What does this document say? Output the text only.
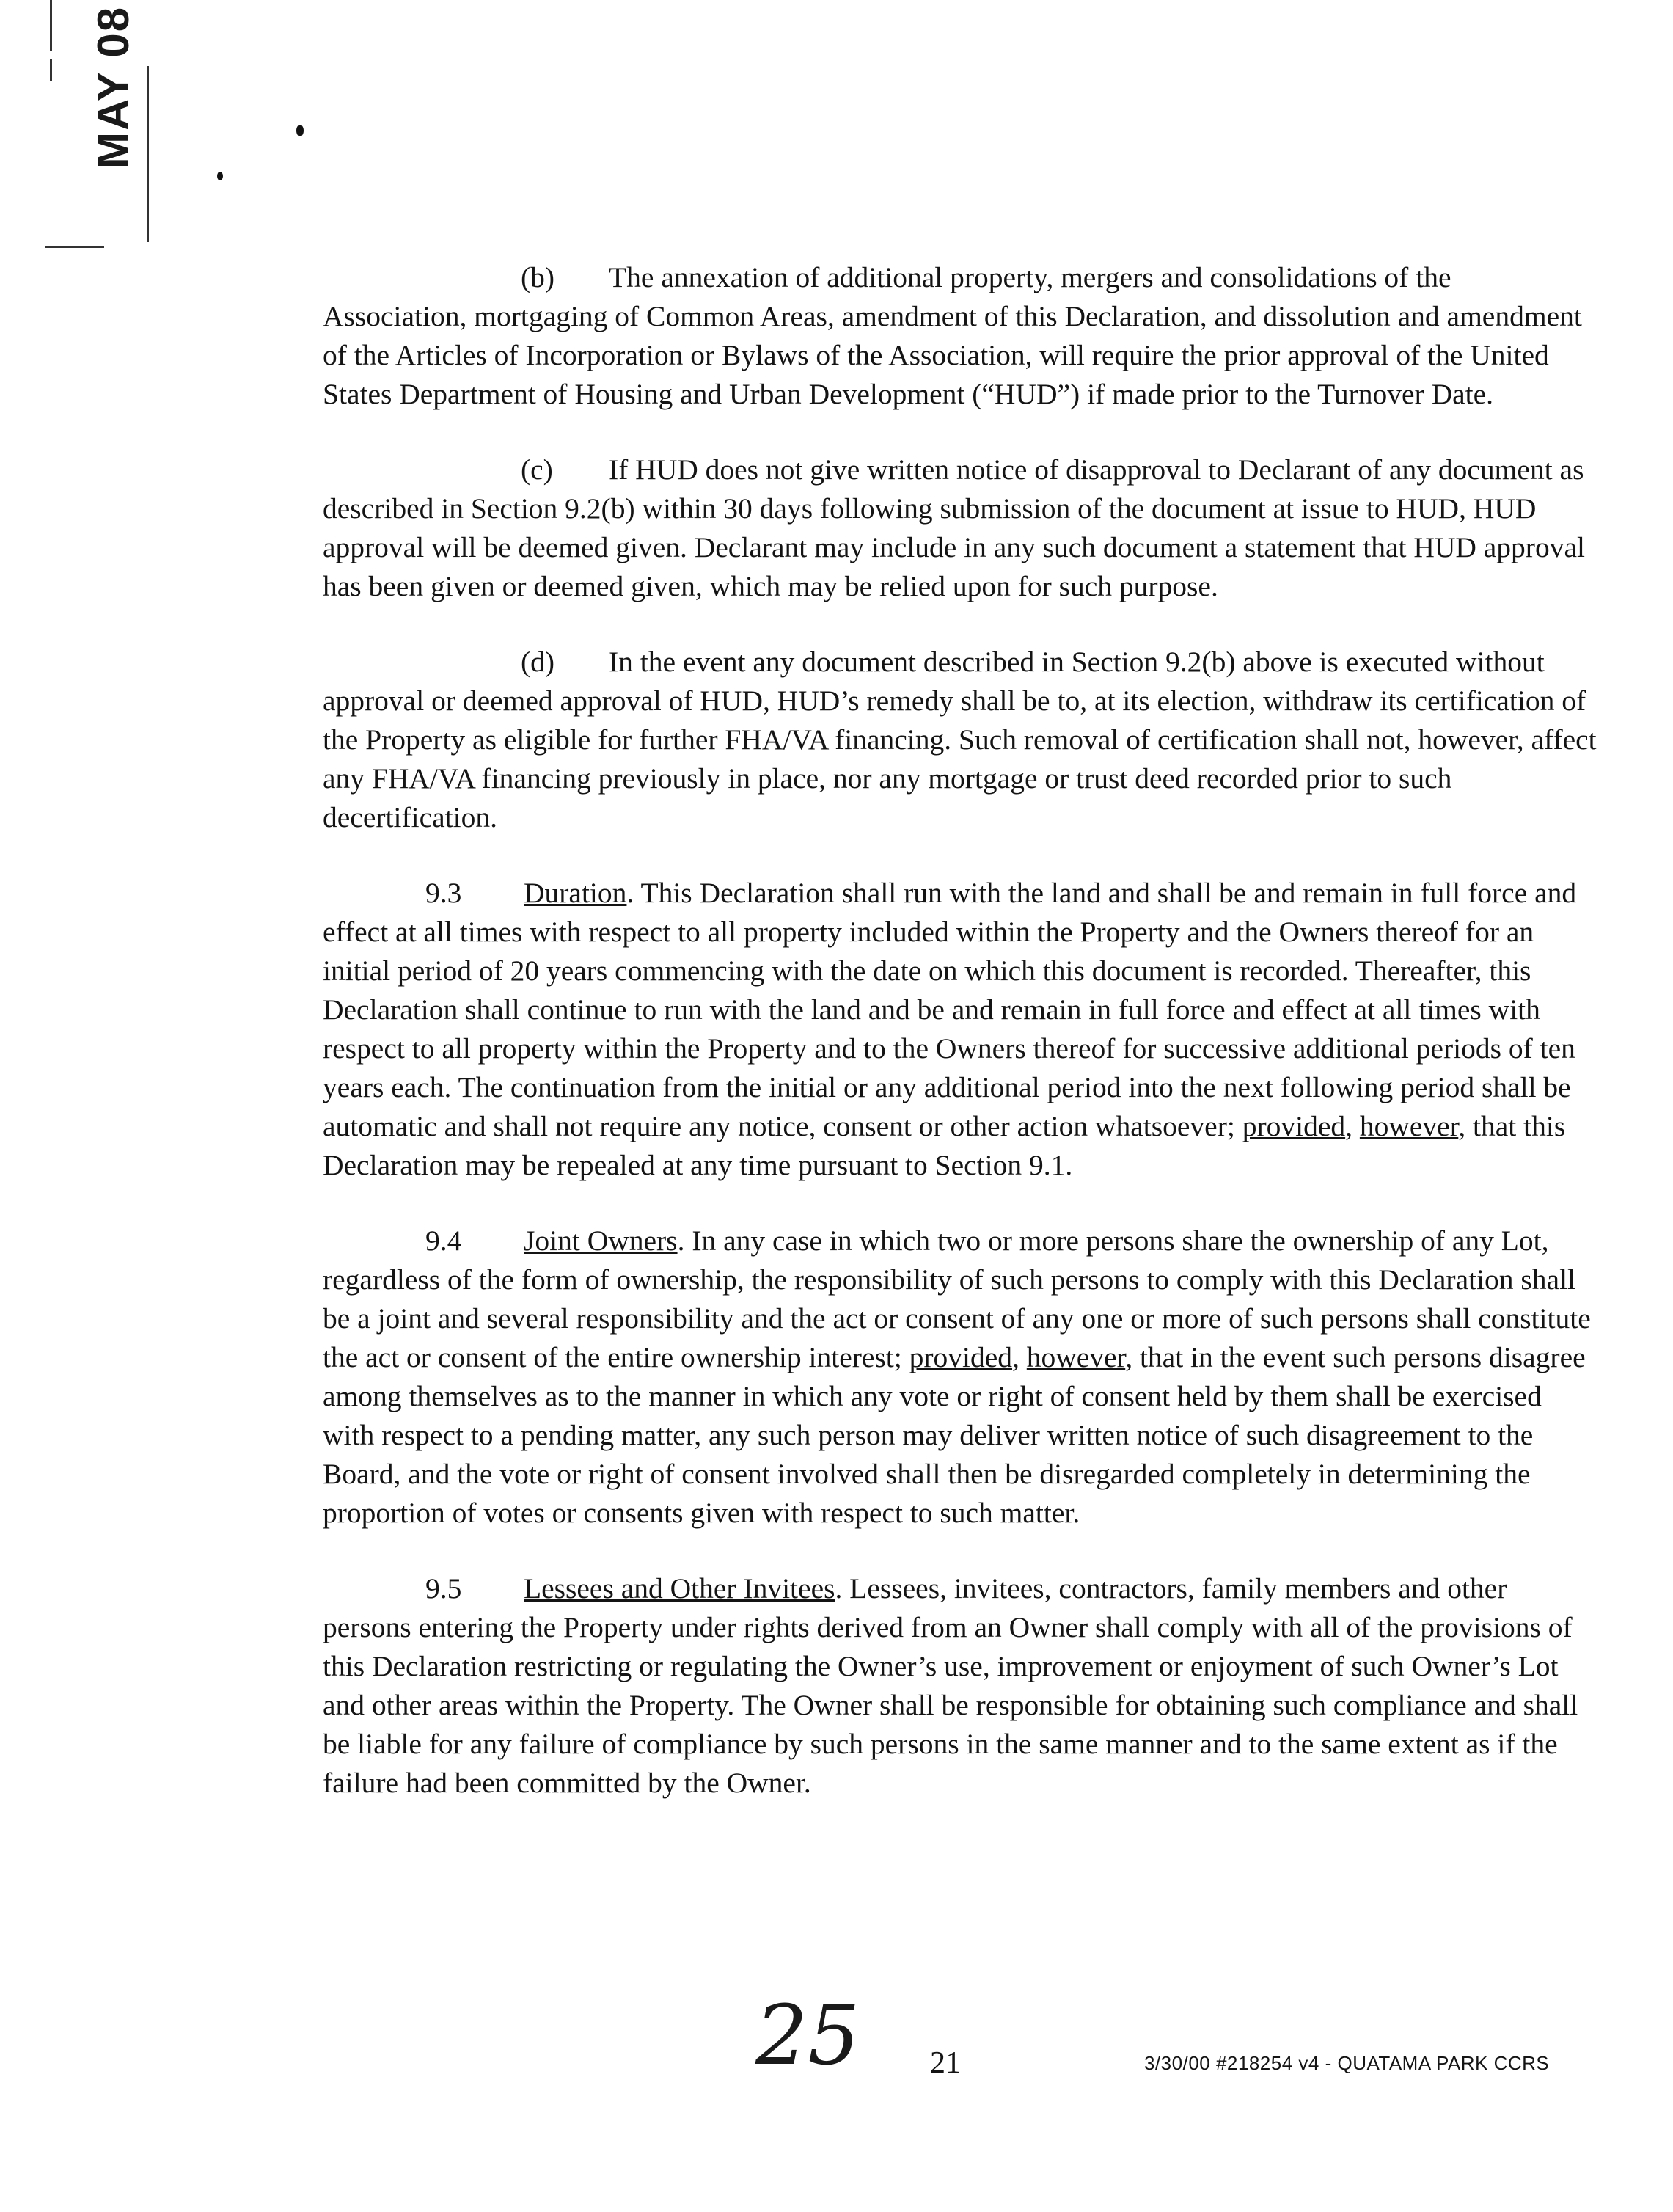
MAY 08

(b) The annexation of additional property, mergers and consolidations of the Association, mortgaging of Common Areas, amendment of this Declaration, and dissolution and amendment of the Articles of Incorporation or Bylaws of the Association, will require the prior approval of the United States Department of Housing and Urban Development (“HUD”) if made prior to the Turnover Date.

(c) If HUD does not give written notice of disapproval to Declarant of any document as described in Section 9.2(b) within 30 days following submission of the document at issue to HUD, HUD approval will be deemed given. Declarant may include in any such document a statement that HUD approval has been given or deemed given, which may be relied upon for such purpose.

(d) In the event any document described in Section 9.2(b) above is executed without approval or deemed approval of HUD, HUD’s remedy shall be to, at its election, withdraw its certification of the Property as eligible for further FHA/VA financing. Such removal of certification shall not, however, affect any FHA/VA financing previously in place, nor any mortgage or trust deed recorded prior to such decertification.

9.3 Duration. This Declaration shall run with the land and shall be and remain in full force and effect at all times with respect to all property included within the Property and the Owners thereof for an initial period of 20 years commencing with the date on which this document is recorded. Thereafter, this Declaration shall continue to run with the land and be and remain in full force and effect at all times with respect to all property within the Property and to the Owners thereof for successive additional periods of ten years each. The continuation from the initial or any additional period into the next following period shall be automatic and shall not require any notice, consent or other action whatsoever; provided, however, that this Declaration may be repealed at any time pursuant to Section 9.1.

9.4 Joint Owners. In any case in which two or more persons share the ownership of any Lot, regardless of the form of ownership, the responsibility of such persons to comply with this Declaration shall be a joint and several responsibility and the act or consent of any one or more of such persons shall constitute the act or consent of the entire ownership interest; provided, however, that in the event such persons disagree among themselves as to the manner in which any vote or right of consent held by them shall be exercised with respect to a pending matter, any such person may deliver written notice of such disagreement to the Board, and the vote or right of consent involved shall then be disregarded completely in determining the proportion of votes or consents given with respect to such matter.

9.5 Lessees and Other Invitees. Lessees, invitees, contractors, family members and other persons entering the Property under rights derived from an Owner shall comply with all of the provisions of this Declaration restricting or regulating the Owner’s use, improvement or enjoyment of such Owner’s Lot and other areas within the Property. The Owner shall be responsible for obtaining such compliance and shall be liable for any failure of compliance by such persons in the same manner and to the same extent as if the failure had been committed by the Owner.

25 21	3/30/00 #218254 v4 - QUATAMA PARK CCRS
